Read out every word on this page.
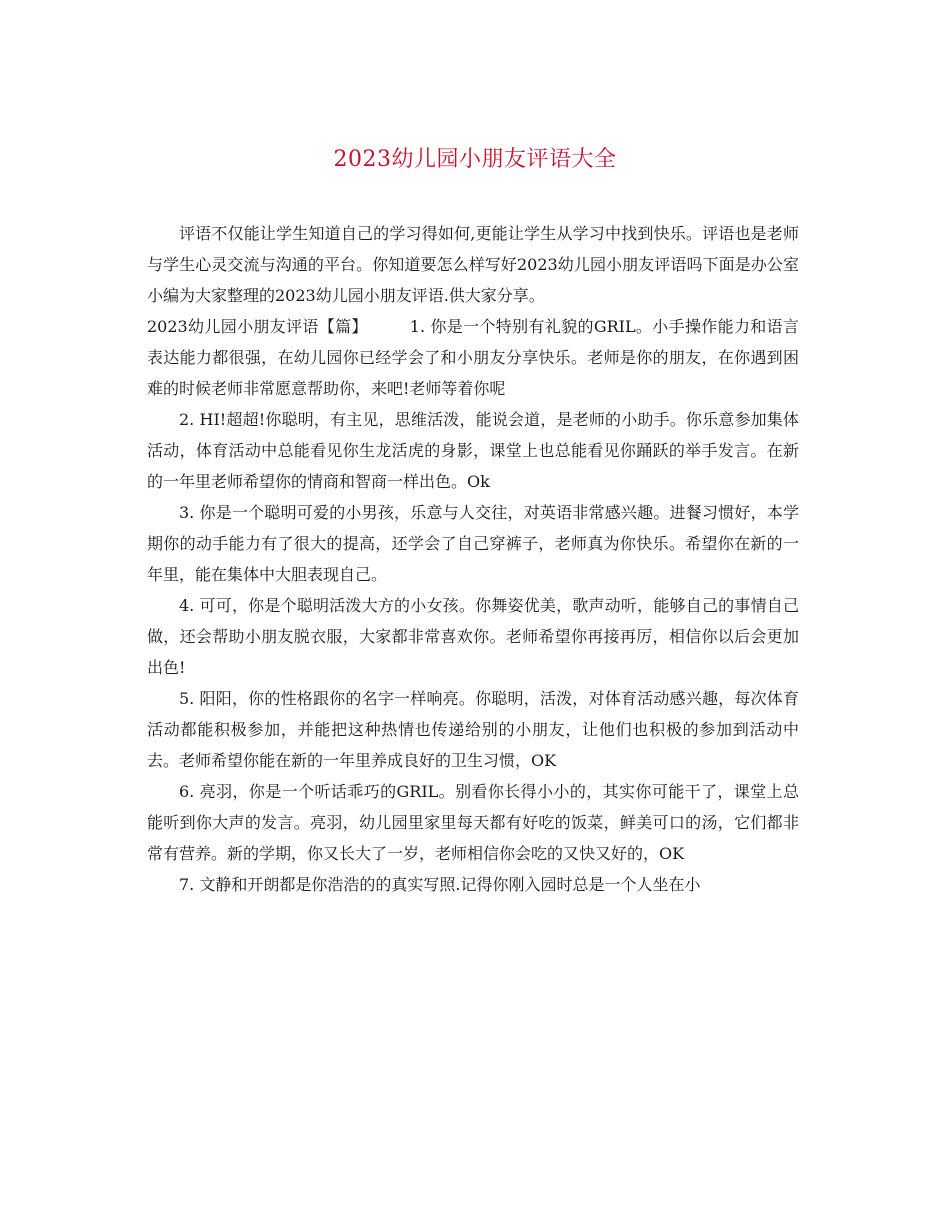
2023幼儿园小朋友评语大全

评语不仅能让学生知道自己的学习得如何,更能让学生从学习中找到快乐。评语也是老师与学生心灵交流与沟通的平台。你知道要怎么样写好2023幼儿园小朋友评语吗下面是办公室小编为大家整理的2023幼儿园小朋友评语.供大家分享。

2023幼儿园小朋友评语【篇】	1. 你是一个特别有礼貌的GRIL。小手操作能力和语言表达能力都很强，在幼儿园你已经学会了和小朋友分享快乐。老师是你的朋友，在你遇到困难的时候老师非常愿意帮助你，来吧!老师等着你呢

2. HI!超超!你聪明，有主见，思维活泼，能说会道，是老师的小助手。你乐意参加集体活动，体育活动中总能看见你生龙活虎的身影，课堂上也总能看见你踊跃的举手发言。在新的一年里老师希望你的情商和智商一样出色。Ok

3. 你是一个聪明可爱的小男孩，乐意与人交往，对英语非常感兴趣。进餐习惯好，本学期你的动手能力有了很大的提高，还学会了自己穿裤子，老师真为你快乐。希望你在新的一年里，能在集体中大胆表现自己。

4. 可可，你是个聪明活泼大方的小女孩。你舞姿优美，歌声动听，能够自己的事情自己做，还会帮助小朋友脱衣服，大家都非常喜欢你。老师希望你再接再厉，相信你以后会更加出色!

5. 阳阳，你的性格跟你的名字一样响亮。你聪明，活泼，对体育活动感兴趣，每次体育活动都能积极参加，并能把这种热情也传递给别的小朋友，让他们也积极的参加到活动中去。老师希望你能在新的一年里养成良好的卫生习惯，OK

6. 亮羽，你是一个听话乖巧的GRIL。别看你长得小小的，其实你可能干了，课堂上总能听到你大声的发言。亮羽，幼儿园里家里每天都有好吃的饭菜，鲜美可口的汤，它们都非常有营养。新的学期，你又长大了一岁，老师相信你会吃的又快又好的，OK

7. 文静和开朗都是你浩浩的的真实写照.记得你刚入园时总是一个人坐在小
